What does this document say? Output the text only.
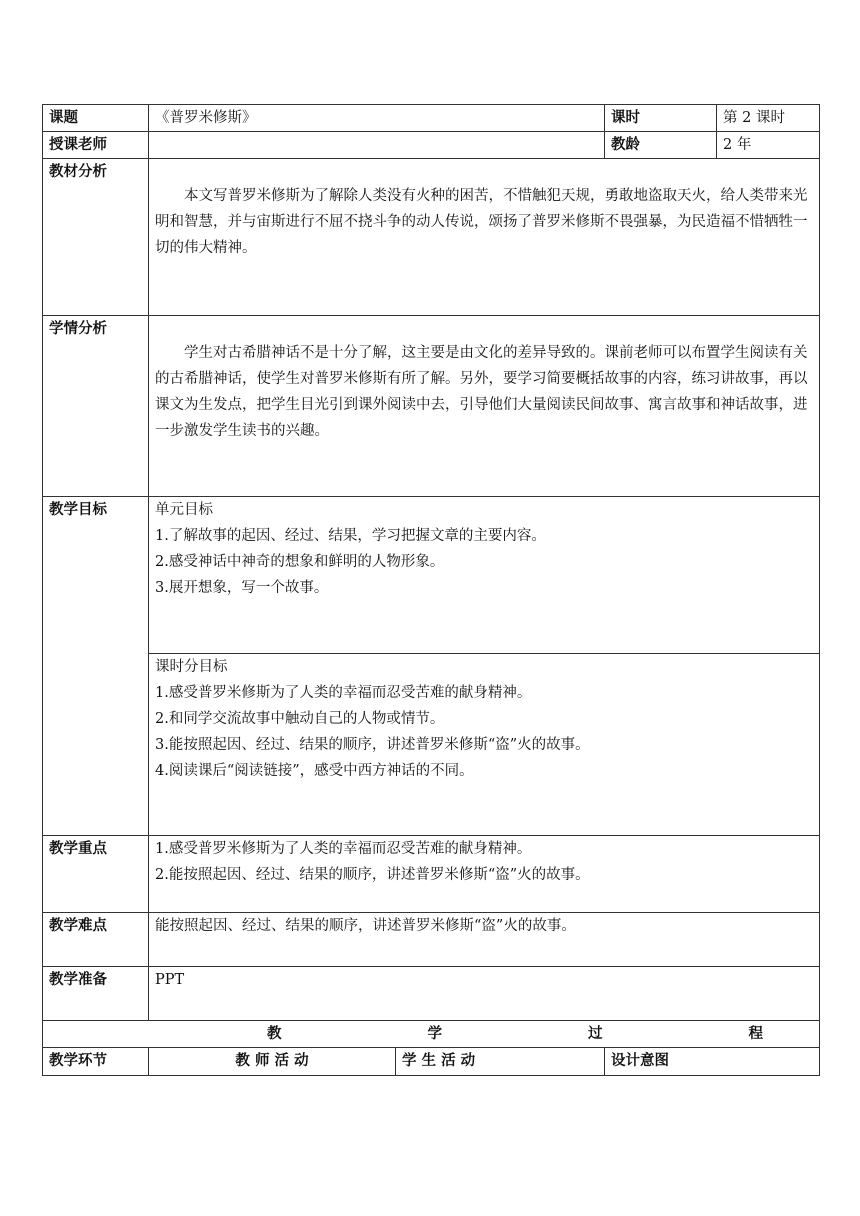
课题	《普罗米修斯》		课时	第 2 课时
授课老师			教龄	2 年
教材分析	本文写普罗米修斯为了解除人类没有火种的困苦，不惜触犯天规，勇敢地盗取天火，给人类带来光明和智慧，并与宙斯进行不屈不挠斗争的动人传说，颂扬了普罗米修斯不畏强暴，为民造福不惜牺牲一切的伟大精神。			

学情分析	学生对古希腊神话不是十分了解，这主要是由文化的差异导致的。课前老师可以布置学生阅读有关的古希腊神话，使学生对普罗米修斯有所了解。另外，要学习简要概括故事的内容，练习讲故事，再以课文为生发点，把学生目光引到课外阅读中去，引导他们大量阅读民间故事、寓言故事和神话故事，进一步激发学生读书的兴趣。			

教学目标	单元目标

1.了解故事的起因、经过、结果，学习把握文章的主要内容。

2.感受神话中神奇的想象和鲜明的人物形象。

3.展开想象，写一个故事。			

	课时分目标

1.感受普罗米修斯为了人类的幸福而忍受苦难的献身精神。

2.和同学交流故事中触动自己的人物或情节。

3.能按照起因、经过、结果的顺序，讲述普罗米修斯“盗”火的故事。

4.阅读课后“阅读链接”，感受中西方神话的不同。			

教学重点	1.感受普罗米修斯为了人类的幸福而忍受苦难的献身精神。

2.能按照起因、经过、结果的顺序，讲述普罗米修斯“盗”火的故事。			

教学难点	能按照起因、经过、结果的顺序，讲述普罗米修斯“盗”火的故事。			
教学准备	PPT			

教 学 过 程				

教学环节	教 师 活 动	学 生 活 动	设计意图	
